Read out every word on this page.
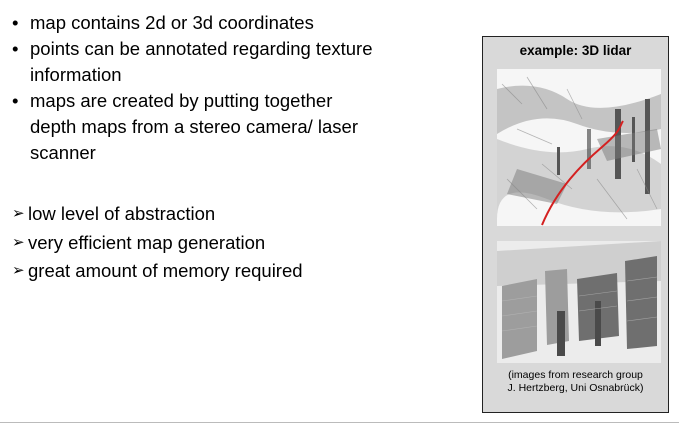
• map contains 2d or 3d coordinates
• points can be annotated regarding texture information
• maps are created by putting together depth maps from a stereo camera/ laser scanner
➢ low level of abstraction
➢ very efficient map generation
➢ great amount of memory required
example: 3D lidar
(images from research group
J. Hertzberg, Uni Osnabrück)
